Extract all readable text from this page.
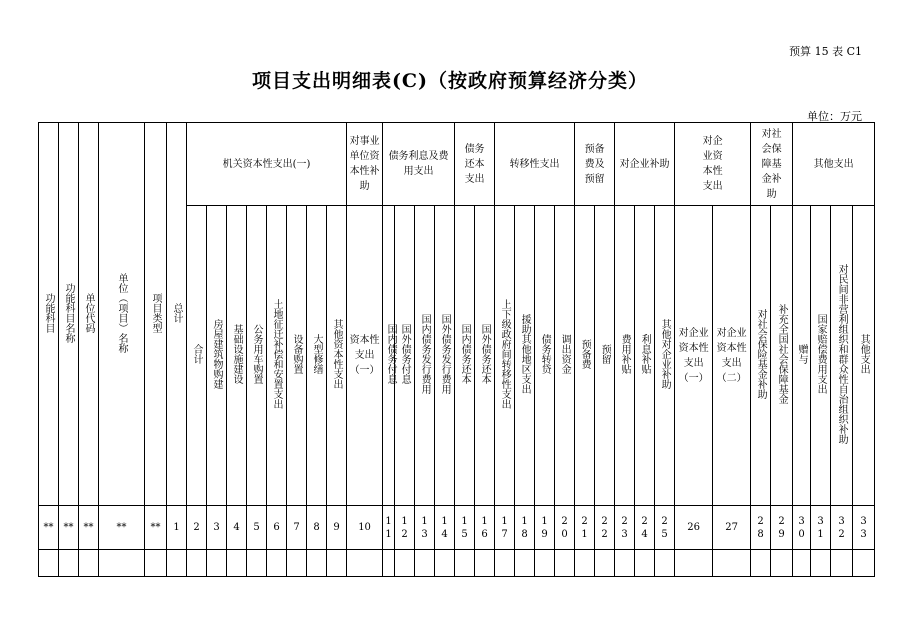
预算 15 表 C1
项目支出明细表(C)（按政府预算经济分类）
单位：万元
功能科目	功能科目名称	单位代码	单位（项目）名称	项目类型	总计	机关资本性支出(一)								对事业单位资本性补助	债务利息及费用支出				债务还本支出		转移性支出				预备费及预留		对企业补助			对企业资本性支出		对社会保障基金补助		其他支出			
						合计	房屋建筑物购建	基础设施建设	公务用车购置	土地征迁补偿和安置支出	设备购置	大型修缮	其他资本性支出	资本性支出（一）	国内债务付息	国外债务付息	国内债务发行费用	国外债务发行费用	国内债务还本	国外债务还本	上下级政府间转移性支出	援助其他地区支出	债务转贷	调出资金	预备费	预留	费用补贴	利息补贴	其他对企业补助	对企业资本性支出（一）	对企业资本性支出（二）	对社会保险基金补助	补充全国社会保障基金	赠与	国家赔偿费用支出	对民间非营利组织和群众性自治组织补助	其他支出
**	**	**	**	**	1	2	3	4	5	6	7	8	9	10	11	12	13	14	15	16	17	18	19	20	21	22	23	24	25	26	27	28	29	30	31	32	33
